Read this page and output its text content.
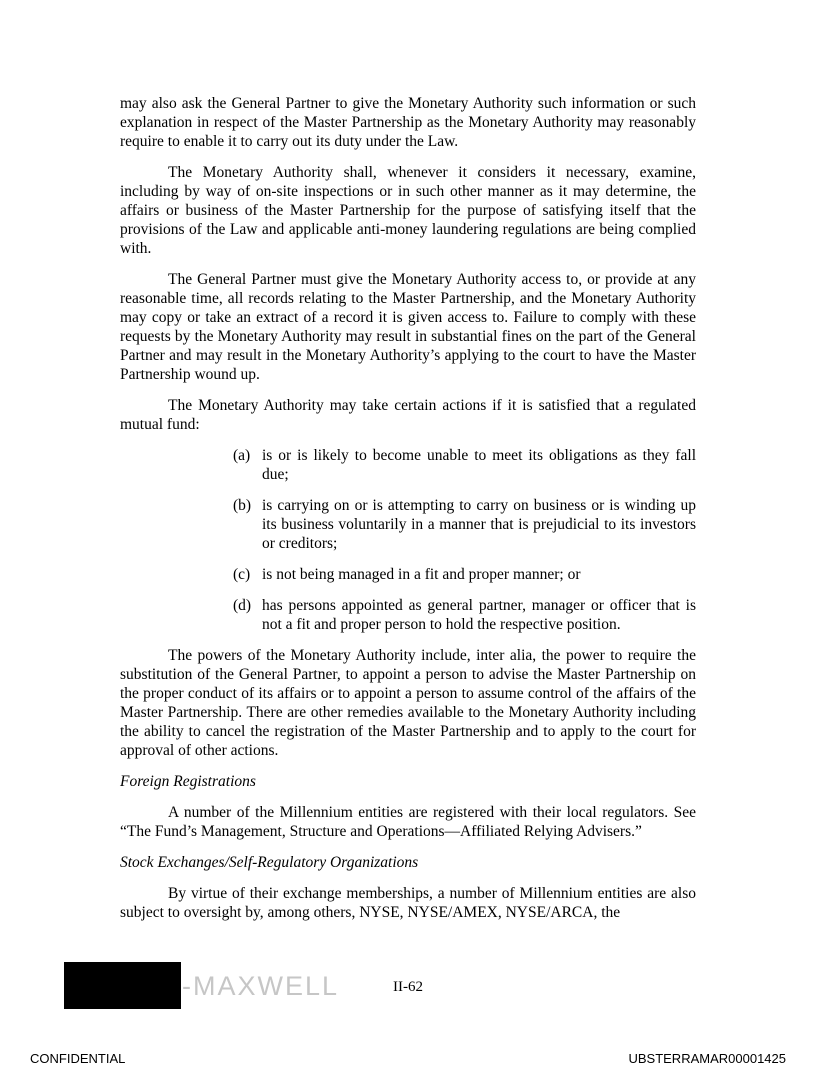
may also ask the General Partner to give the Monetary Authority such information or such explanation in respect of the Master Partnership as the Monetary Authority may reasonably require to enable it to carry out its duty under the Law.

The Monetary Authority shall, whenever it considers it necessary, examine, including by way of on-site inspections or in such other manner as it may determine, the affairs or business of the Master Partnership for the purpose of satisfying itself that the provisions of the Law and applicable anti-money laundering regulations are being complied with.

The General Partner must give the Monetary Authority access to, or provide at any reasonable time, all records relating to the Master Partnership, and the Monetary Authority may copy or take an extract of a record it is given access to. Failure to comply with these requests by the Monetary Authority may result in substantial fines on the part of the General Partner and may result in the Monetary Authority’s applying to the court to have the Master Partnership wound up.

The Monetary Authority may take certain actions if it is satisfied that a regulated mutual fund:

(a) is or is likely to become unable to meet its obligations as they fall due;
(b) is carrying on or is attempting to carry on business or is winding up its business voluntarily in a manner that is prejudicial to its investors or creditors;
(c) is not being managed in a fit and proper manner; or
(d) has persons appointed as general partner, manager or officer that is not a fit and proper person to hold the respective position.

The powers of the Monetary Authority include, inter alia, the power to require the substitution of the General Partner, to appoint a person to advise the Master Partnership on the proper conduct of its affairs or to appoint a person to assume control of the affairs of the Master Partnership. There are other remedies available to the Monetary Authority including the ability to cancel the registration of the Master Partnership and to apply to the court for approval of other actions.

Foreign Registrations

A number of the Millennium entities are registered with their local regulators. See “The Fund’s Management, Structure and Operations—Affiliated Relying Advisers.”

Stock Exchanges/Self-Regulatory Organizations

By virtue of their exchange memberships, a number of Millennium entities are also subject to oversight by, among others, NYSE, NYSE/AMEX, NYSE/ARCA, the

-MAXWELL	II-62
CONFIDENTIAL	UBSTERRAMAR00001425
